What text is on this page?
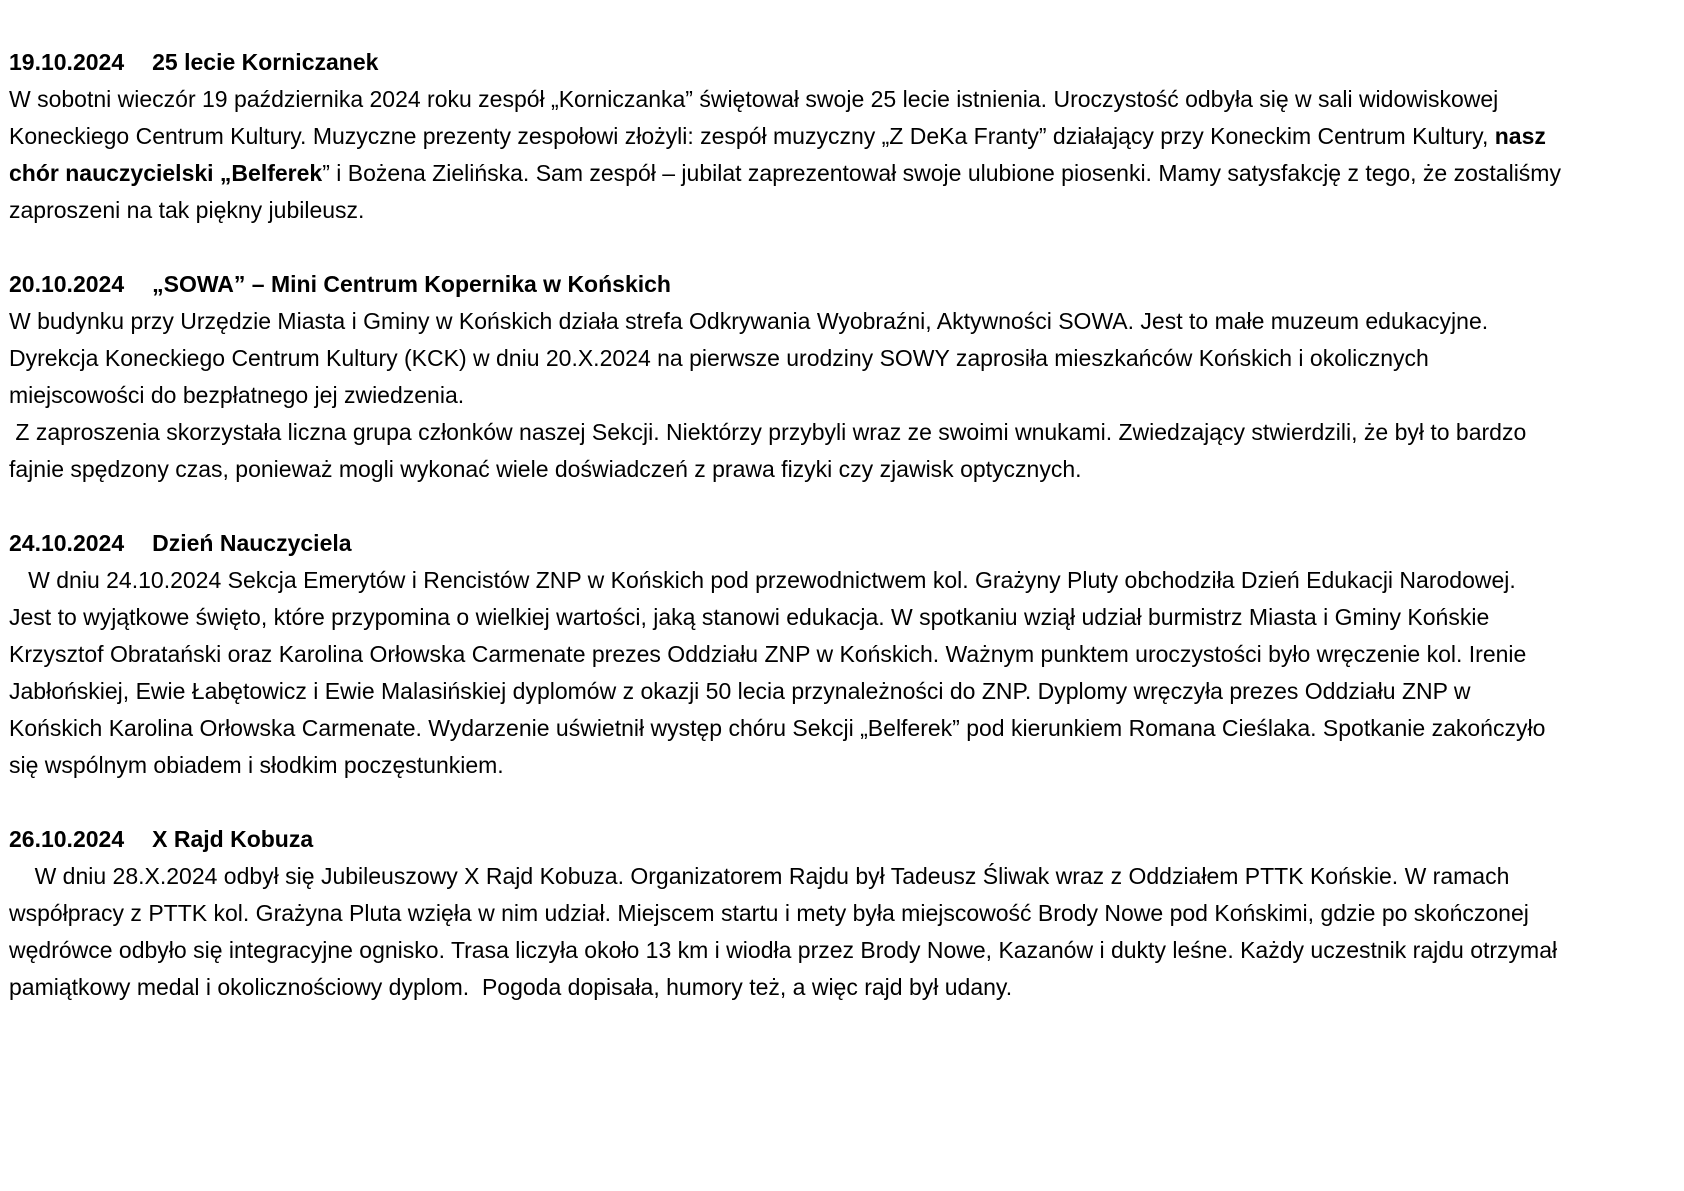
19.10.2024 25 lecie Korniczanek

W sobotni wieczór 19 października 2024 roku zespół „Korniczanka” świętował swoje 25 lecie istnienia. Uroczystość odbyła się w sali widowiskowej Koneckiego Centrum Kultury. Muzyczne prezenty zespołowi złożyli: zespół muzyczny „Z DeKa Franty” działający przy Koneckim Centrum Kultury, nasz chór nauczycielski „Belferek” i Bożena Zielińska. Sam zespół – jubilat zaprezentował swoje ulubione piosenki. Mamy satysfakcję z tego, że zostaliśmy zaproszeni na tak piękny jubileusz.

20.10.2024 „SOWA” – Mini Centrum Kopernika w Końskich

W budynku przy Urzędzie Miasta i Gminy w Końskich działa strefa Odkrywania Wyobraźni, Aktywności SOWA. Jest to małe muzeum edukacyjne. Dyrekcja Koneckiego Centrum Kultury (KCK) w dniu 20.X.2024 na pierwsze urodziny SOWY zaprosiła mieszkańców Końskich i okolicznych miejscowości do bezpłatnego jej zwiedzenia.

Z zaproszenia skorzystała liczna grupa członków naszej Sekcji. Niektórzy przybyli wraz ze swoimi wnukami. Zwiedzający stwierdzili, że był to bardzo fajnie spędzony czas, ponieważ mogli wykonać wiele doświadczeń z prawa fizyki czy zjawisk optycznych.

24.10.2024 Dzień Nauczyciela

W dniu 24.10.2024 Sekcja Emerytów i Rencistów ZNP w Końskich pod przewodnictwem kol. Grażyny Pluty obchodziła Dzień Edukacji Narodowej. Jest to wyjątkowe święto, które przypomina o wielkiej wartości, jaką stanowi edukacja. W spotkaniu wziął udział burmistrz Miasta i Gminy Końskie Krzysztof Obratański oraz Karolina Orłowska Carmenate prezes Oddziału ZNP w Końskich. Ważnym punktem uroczystości było wręczenie kol. Irenie Jabłońskiej, Ewie Łabętowicz i Ewie Malasińskiej dyplomów z okazji 50 lecia przynależności do ZNP. Dyplomy wręczyła prezes Oddziału ZNP w Końskich Karolina Orłowska Carmenate. Wydarzenie uświetnił występ chóru Sekcji „Belferek” pod kierunkiem Romana Cieślaka. Spotkanie zakończyło się wspólnym obiadem i słodkim poczęstunkiem.

26.10.2024 X Rajd Kobuza

W dniu 28.X.2024 odbył się Jubileuszowy X Rajd Kobuza. Organizatorem Rajdu był Tadeusz Śliwak wraz z Oddziałem PTTK Końskie. W ramach współpracy z PTTK kol. Grażyna Pluta wzięła w nim udział. Miejscem startu i mety była miejscowość Brody Nowe pod Końskimi, gdzie po skończonej wędrówce odbyło się integracyjne ognisko. Trasa liczyła około 13 km i wiodła przez Brody Nowe, Kazanów i dukty leśne. Każdy uczestnik rajdu otrzymał pamiątkowy medal i okolicznościowy dyplom.  Pogoda dopisała, humory też, a więc rajd był udany.
